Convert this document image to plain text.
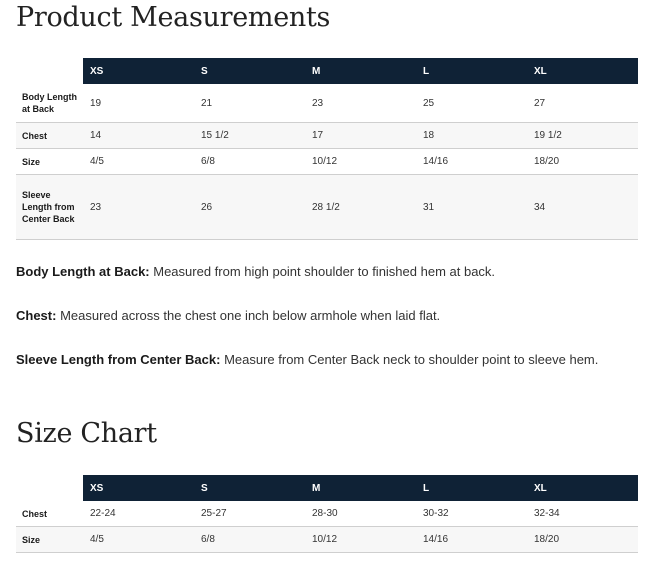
Product Measurements
	XS	S	M	L	XL
Body Length at Back	19	21	23	25	27
Chest	14	15 1/2	17	18	19 1/2
Size	4/5	6/8	10/12	14/16	18/20
Sleeve Length from Center Back	23	26	28 1/2	31	34

Body Length at Back: Measured from high point shoulder to finished hem at back.

Chest: Measured across the chest one inch below armhole when laid flat.

Sleeve Length from Center Back: Measure from Center Back neck to shoulder point to sleeve hem.

Size Chart
	XS	S	M	L	XL
Chest	22-24	25-27	28-30	30-32	32-34
Size	4/5	6/8	10/12	14/16	18/20
